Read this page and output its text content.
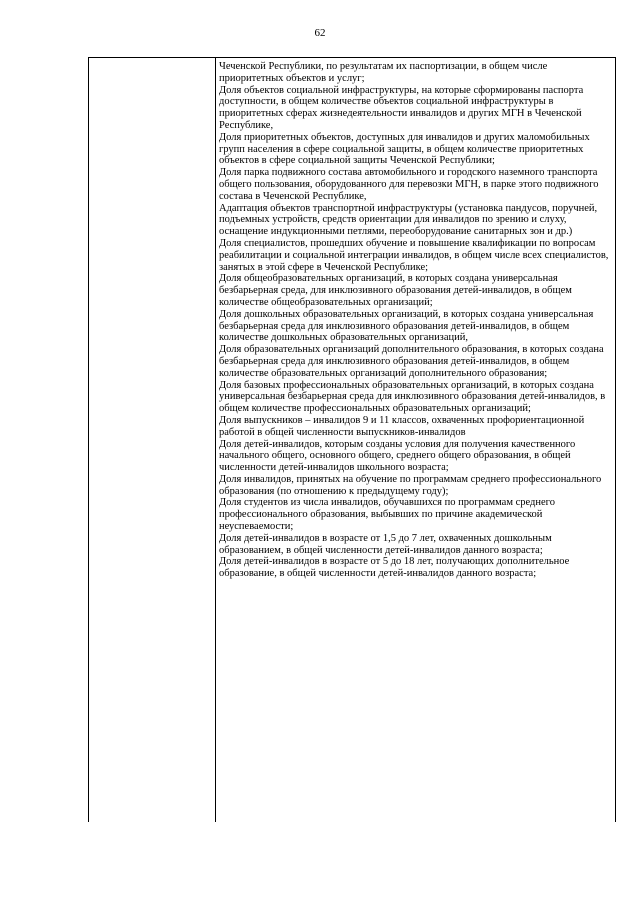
62

Чеченской Республики, по результатам их паспортизации, в общем числе приоритетных объектов и услуг;

Доля объектов социальной инфраструктуры, на которые сформированы паспорта доступности, в общем количестве объектов социальной инфраструктуры в приоритетных сферах жизнедеятельности инвалидов и других МГН в Чеченской Республике,

Доля приоритетных объектов, доступных для инвалидов и других маломобильных групп населения в сфере социальной защиты, в общем количестве приоритетных объектов в сфере социальной защиты Чеченской Республики;

Доля парка подвижного состава автомобильного и городского наземного транспорта общего пользования, оборудованного для перевозки МГН, в парке этого подвижного состава в Чеченской Республике,

Адаптация объектов транспортной инфраструктуры (установка пандусов, поручней, подъемных устройств, средств ориентации для инвалидов по зрению и слуху, оснащение индукционными петлями, переоборудование санитарных зон и др.)

Доля специалистов, прошедших обучение и повышение квалификации по вопросам реабилитации и социальной интеграции инвалидов, в общем числе всех специалистов, занятых в этой сфере в Чеченской Республике;

Доля общеобразовательных организаций, в которых создана универсальная безбарьерная среда, для инклюзивного образования детей-инвалидов, в общем количестве общеобразовательных организаций;

Доля дошкольных образовательных организаций, в которых создана универсальная безбарьерная среда для инклюзивного образования детей-инвалидов, в общем количестве дошкольных образовательных организаций,

Доля образовательных организаций дополнительного образования, в которых создана безбарьерная среда для инклюзивного образования детей-инвалидов, в общем количестве образовательных организаций дополнительного образования;

Доля базовых профессиональных образовательных организаций, в которых создана универсальная безбарьерная среда для инклюзивного образования детей-инвалидов, в общем количестве профессиональных образовательных организаций;

Доля выпускников – инвалидов 9 и 11 классов, охваченных профориентационной работой в общей численности выпускников-инвалидов

Доля детей-инвалидов, которым созданы условия для получения качественного начального общего, основного общего, среднего общего образования, в общей численности детей-инвалидов школьного возраста;

Доля инвалидов, принятых на обучение по программам среднего профессионального образования (по отношению к предыдущему году);

Доля студентов из числа инвалидов, обучавшихся по программам среднего профессионального образования, выбывших по причине академической неуспеваемости;

Доля детей-инвалидов в возрасте от 1,5 до 7 лет, охваченных дошкольным образованием, в общей численности детей-инвалидов данного возраста;

Доля детей-инвалидов в возрасте от 5 до 18 лет, получающих дополнительное образование, в общей численности детей-инвалидов данного возраста;
